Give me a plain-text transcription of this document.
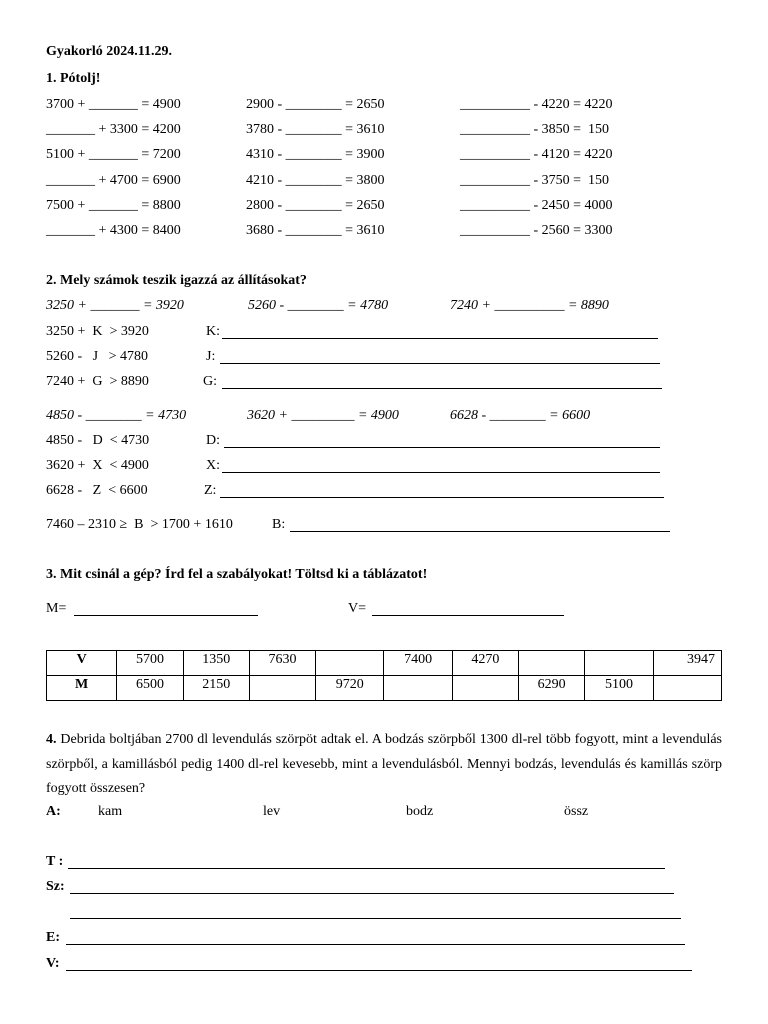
Gyakorló 2024.11.29.
1. Pótolj!
3700 + _______ = 4900
_______ + 3300 = 4200
5100 + _______ = 7200
_______ + 4700 = 6900
7500 + _______ = 8800
_______ + 4300 = 8400
2900 - ________ = 2650
3780 - ________ = 3610
4310 - ________ = 3900
4210 - ________ = 3800
2800 - ________ = 2650
3680 - ________ = 3610
__________ - 4220 = 4220
__________ - 3850 =  150
__________ - 4120 = 4220
__________ - 3750 =  150
__________ - 2450 = 4000
__________ - 2560 = 3300
2. Mely számok teszik igazzá az állításokat?
3250 + _______ = 3920	5260 - ________ = 4780	7240 + __________ = 8890
3250 +  K  > 3920	K:
5260 -   J   > 4780	J:
7240 +  G  > 8890	G:
4850 - ________ = 4730	3620 + _________ = 4900	6628 - ________ = 6600
4850 -   D  < 4730	D:
3620 +  X  < 4900	X:
6628 -   Z  < 6600	Z:
7460 – 2310 ≥  B  > 1700 + 1610	B:
3. Mit csinál a gép? Írd fel a szabályokat! Töltsd ki a táblázatot!
M=	V=
V	5700	1350	7630		7400	4270			3947
M	6500	2150		9720			6290	5100	
4. Debrida boltjában 2700 dl levendulás szörpöt adtak el. A bodzás szörpből 1300 dl-rel több fogyott, mint a levendulás szörpből, a kamillásból pedig 1400 dl-rel kevesebb, mint a levendulásból. Mennyi bodzás, levendulás és kamillás szörp fogyott összesen?
A:	kam	lev	bodz	össz
T :
Sz:
E:
V:
